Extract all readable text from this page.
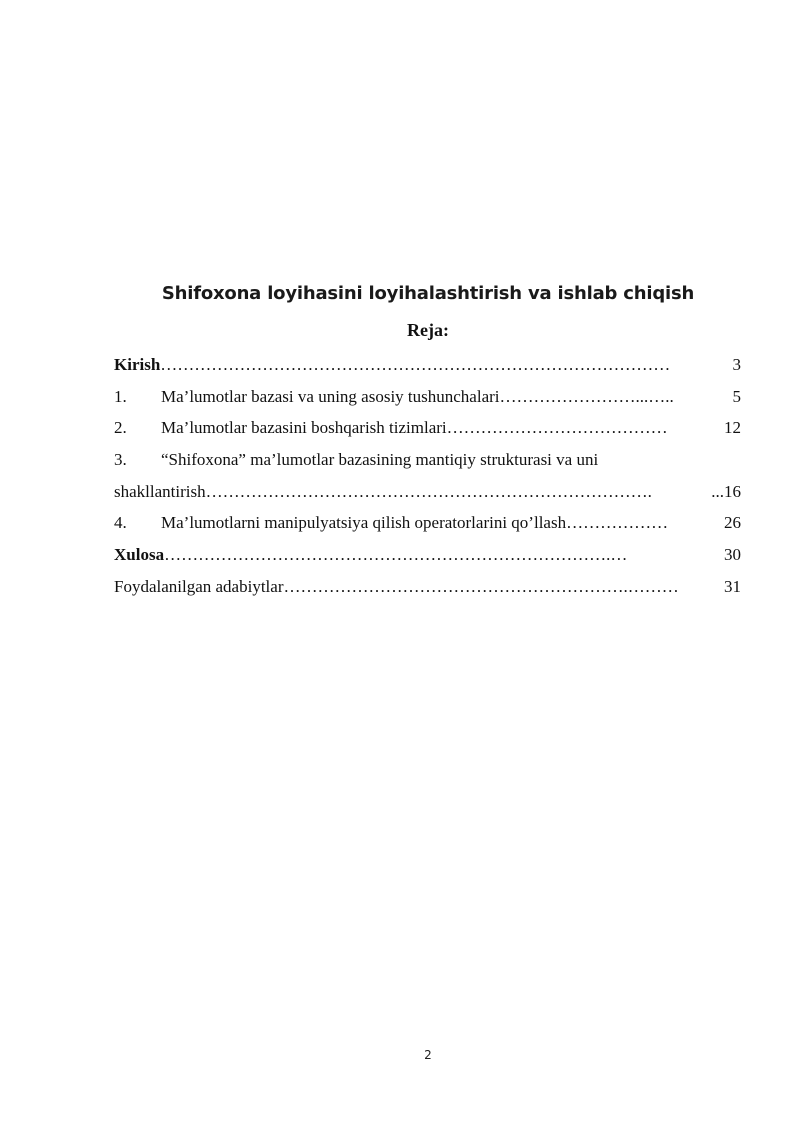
Shifoxona loyihasini loyihalashtirish va ishlab chiqish
Reja:
Kirish ………………………………………………………………………………	3
1.	Ma’lumotlar bazasi va uning asosiy tushunchalari ……………………...…..	5
2.	Ma’lumotlar bazasini boshqarish tizimlari …………………………………	12
3.	“Shifoxona” ma’lumotlar bazasining mantiqiy strukturasi va uni
shakllantirish …………………………………………………………………….	...16
4.	Ma’lumotlarni manipulyatsiya qilish operatorlarini qo’llash ………………	26
Xulosa …………………………………………………………………….…	30
Foydalanilgan adabiytlar …………………………………………………….………	31
2
